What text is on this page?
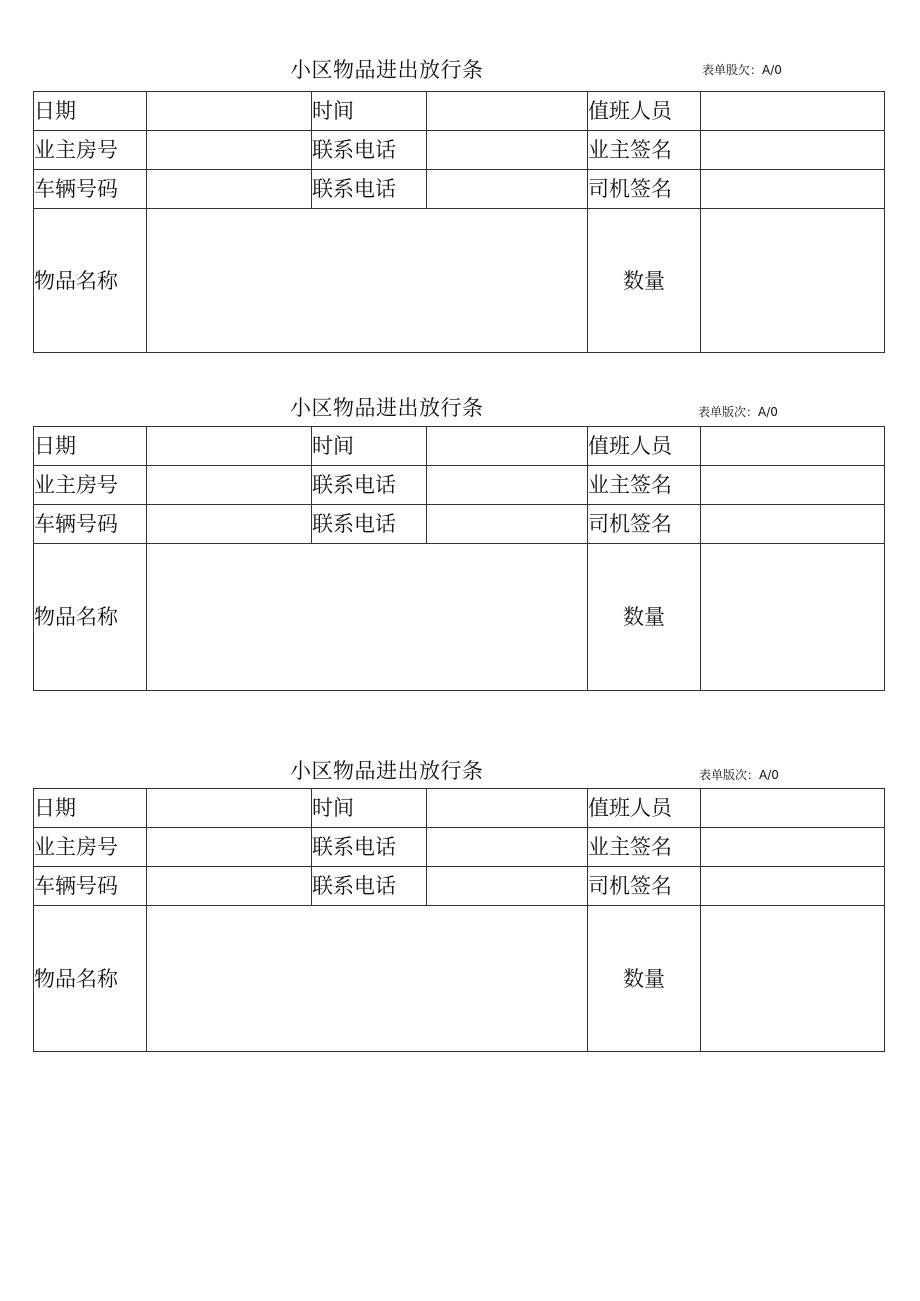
小区物品进出放行条	表单股欠：A/0
日期		时间		值班人员	
业主房号		联系电话		业主签名	
车辆号码		联系电话		司机签名	
物品名称				数量	
小区物品进出放行条	表单版次：A/0
日期		时间		值班人员	
业主房号		联系电话		业主签名	
车辆号码		联系电话		司机签名	
物品名称				数量	
小区物品进出放行条	表单版次：A/0
日期		时间		值班人员	
业主房号		联系电话		业主签名	
车辆号码		联系电话		司机签名	
物品名称				数量	
